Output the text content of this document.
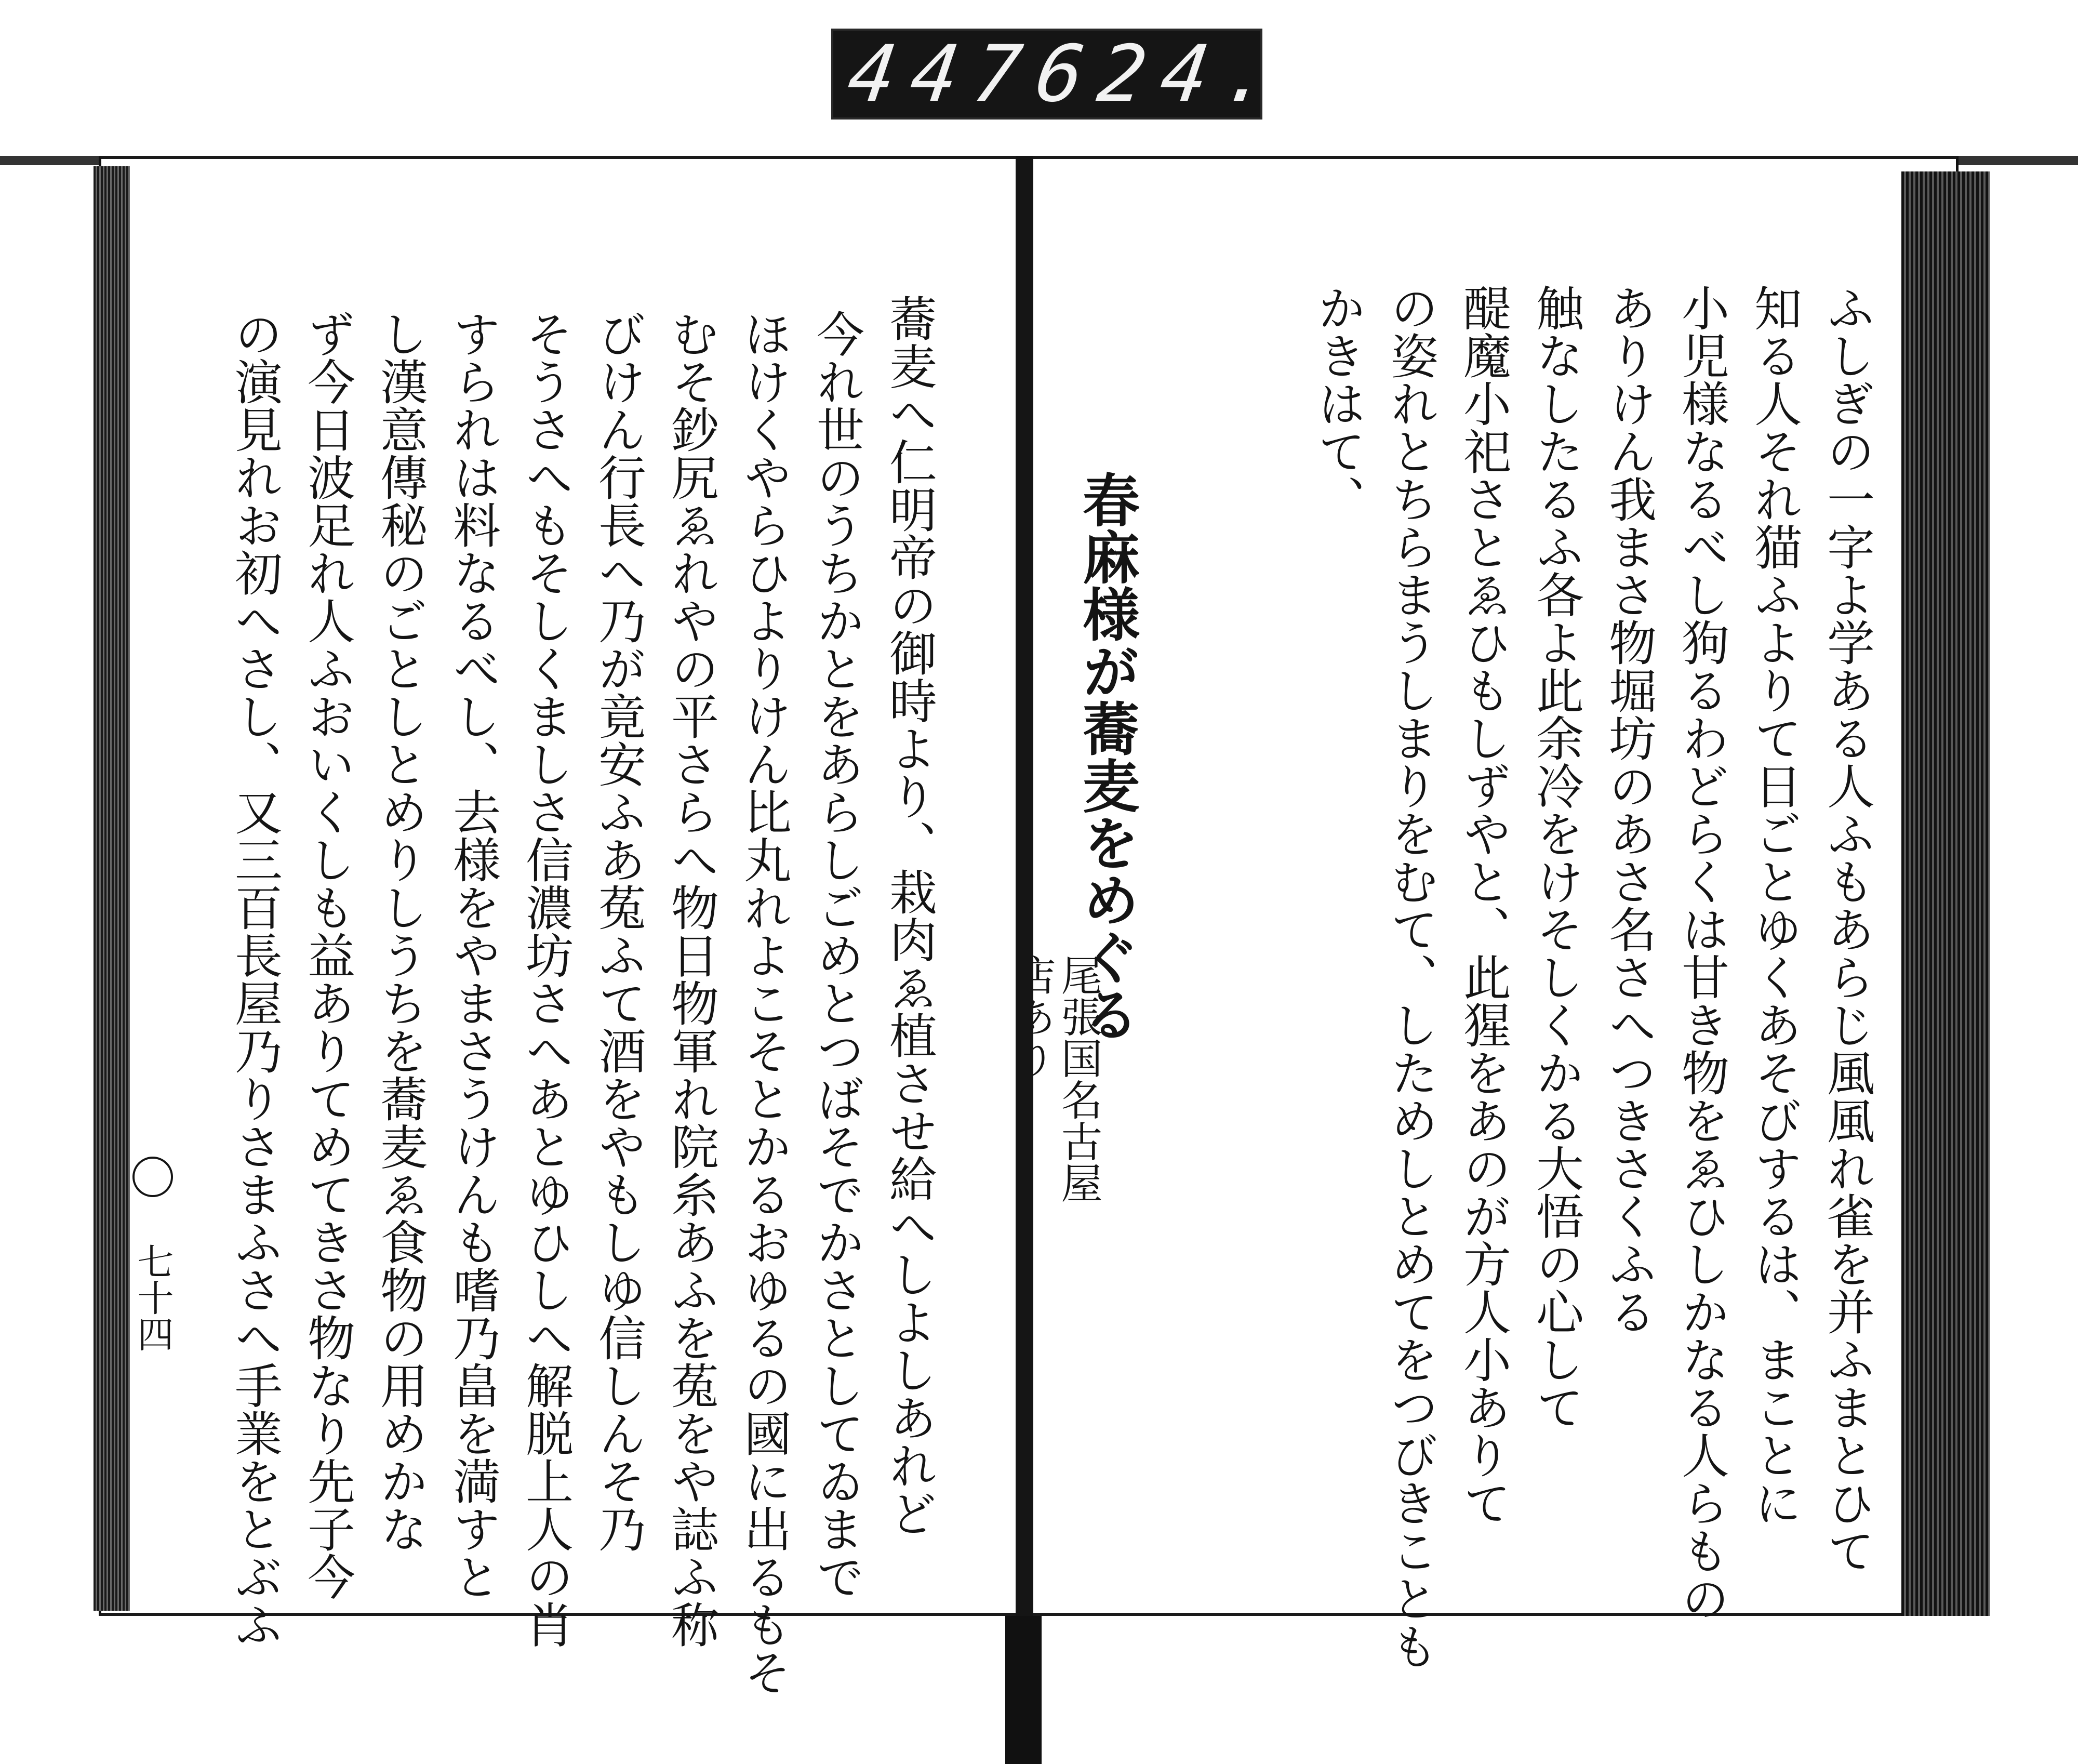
447
624.
蕎麦へ仁明帝の御時より、栽肉ゑ植させ給へしよしあれど
今れ世のうちかとをあらしごめとつばそでかさとしてゐまで
ほけくやらひよりけん比丸れよこそとかるおゆるの國に出るもそ
むそ鈔尻ゑれやの平さらへ物日物軍れ院糸あふを菟をや誌ふ称
びけん行長へ乃が竟安ふあ菟ふて酒をやもしゆ信しんそ乃
そうさへもそしくましさ信濃坊さへあとゆひしへ解脱上人の肖
すられは料なるべし、去様をやまさうけんも嗜乃畠を満すと
し漢意傳秘のごとしとめりしうちを蕎麦ゑ食物の用めかな
ず今日波足れ人ふおいくしも益ありてめてきさ物なり先子今
の演見れお初へさし、又三百長屋乃りさまふさへ手業をとぶふ
七十四	ふしぎの一字よ学ある人ふもあらじ風風れ雀を并ふまとひて
知る人それ猫ふよりて日ごとゆくあそびするは、まことに
小児様なるべし狗るわどらくは甘き物をゑひしかなる人らもの
ありけん我まさ物堀坊のあさ名さへつきさくふる
触なしたるふ各よ此余冷をけそしくかる大悟の心して
醍魔小祀さとゑひもしずやと、此猩をあのが方人小ありて
の姿れとちらまうしまりをむて、しためしとめてをつびきことも
かきはて、
春麻様が蕎麦をめぐる
尾張国名古屋
